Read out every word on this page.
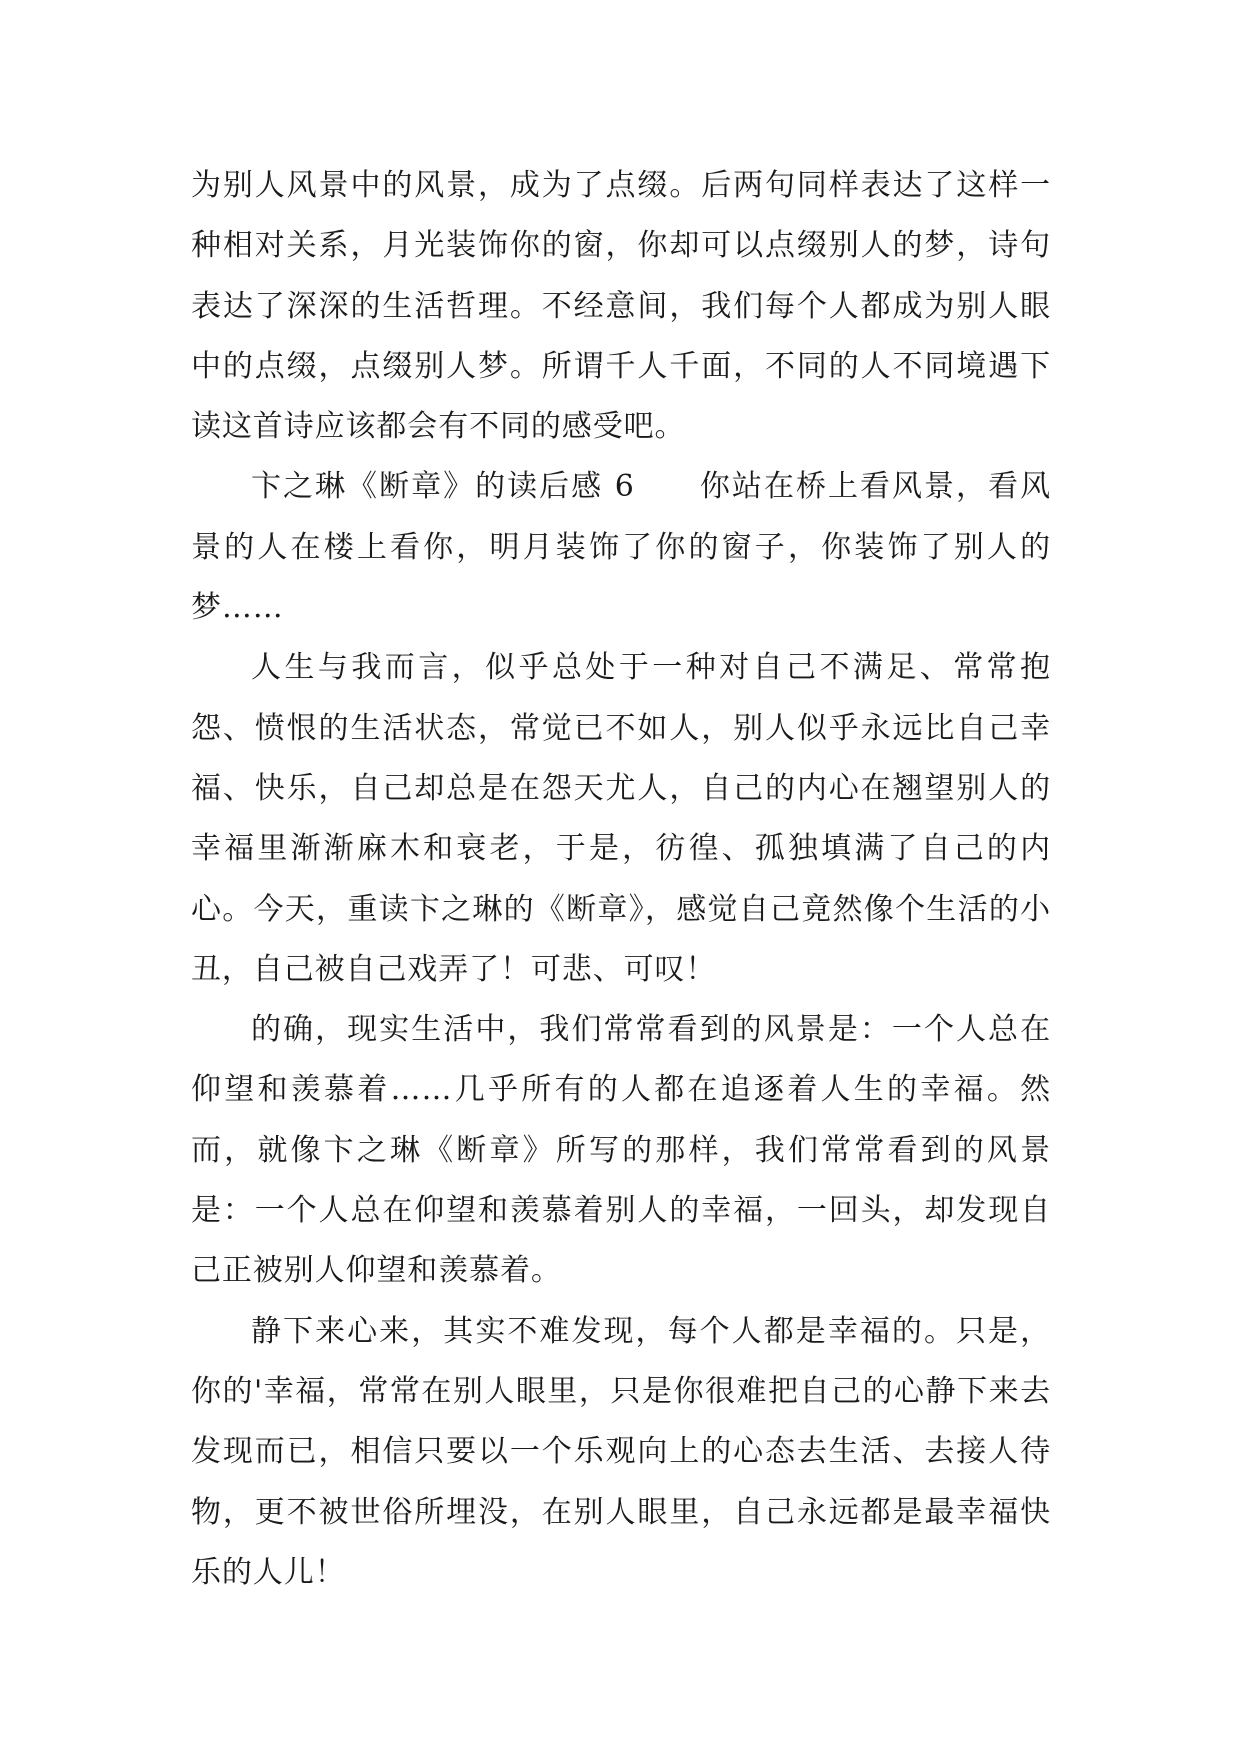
为别人风景中的风景，成为了点缀。后两句同样表达了这样一种相对关系，月光装饰你的窗，你却可以点缀别人的梦，诗句表达了深深的生活哲理。不经意间，我们每个人都成为别人眼中的点缀，点缀别人梦。所谓千人千面，不同的人不同境遇下读这首诗应该都会有不同的感受吧。

卞之琳《断章》的读后感 6　　你站在桥上看风景，看风景的人在楼上看你，明月装饰了你的窗子，你装饰了别人的梦……

人生与我而言，似乎总处于一种对自己不满足、常常抱怨、愤恨的生活状态，常觉已不如人，别人似乎永远比自己幸福、快乐，自己却总是在怨天尤人，自己的内心在翘望别人的幸福里渐渐麻木和衰老，于是，彷徨、孤独填满了自己的内心。今天，重读卞之琳的《断章》，感觉自己竟然像个生活的小丑，自己被自己戏弄了！可悲、可叹！

的确，现实生活中，我们常常看到的风景是：一个人总在仰望和羡慕着……几乎所有的人都在追逐着人生的幸福。然而，就像卞之琳《断章》所写的那样，我们常常看到的风景是：一个人总在仰望和羡慕着别人的幸福，一回头，却发现自己正被别人仰望和羡慕着。

静下来心来，其实不难发现，每个人都是幸福的。只是，你的'幸福，常常在别人眼里，只是你很难把自己的心静下来去发现而已，相信只要以一个乐观向上的心态去生活、去接人待物，更不被世俗所埋没，在别人眼里，自己永远都是最幸福快乐的人儿！
